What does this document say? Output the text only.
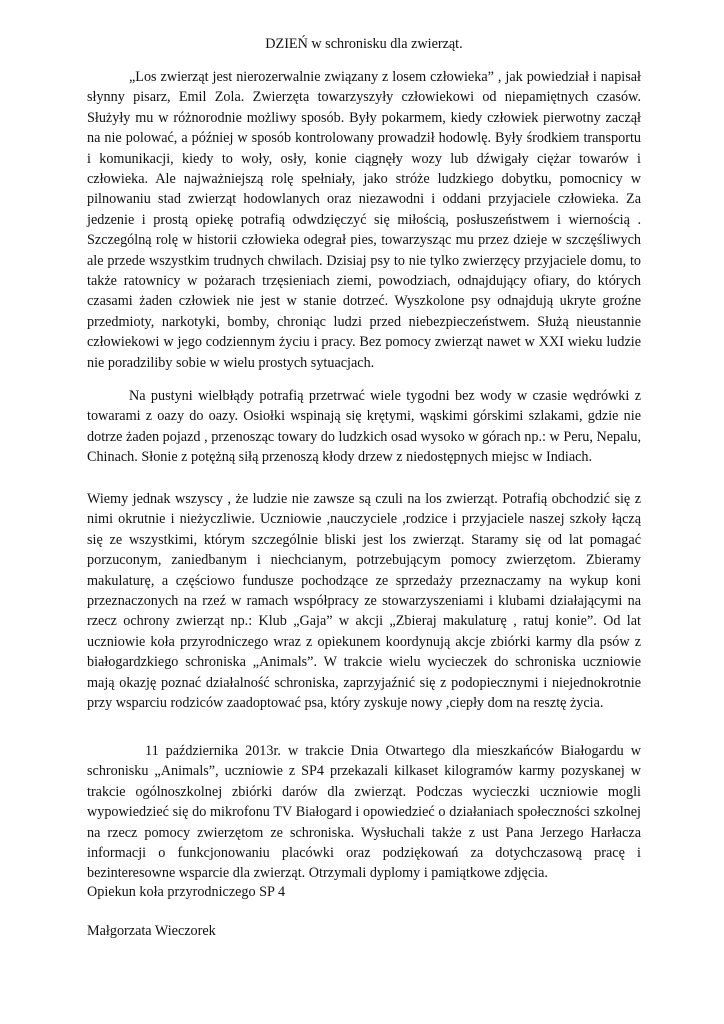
DZIEŃ w schronisku dla zwierząt.

„Los zwierząt jest nierozerwalnie związany z losem człowieka” , jak powiedział i napisał słynny pisarz, Emil Zola. Zwierzęta towarzyszyły człowiekowi od niepamiętnych czasów. Służyły mu w różnorodnie możliwy sposób. Były pokarmem, kiedy człowiek pierwotny zaczął na nie polować, a później w sposób kontrolowany prowadził hodowlę. Były środkiem transportu i komunikacji, kiedy to woły, osły, konie ciągnęły wozy lub dźwigały ciężar towarów i człowieka. Ale najważniejszą rolę spełniały, jako stróże ludzkiego dobytku, pomocnicy w pilnowaniu stad zwierząt hodowlanych oraz niezawodni i oddani przyjaciele człowieka. Za jedzenie i prostą opiekę potrafią odwdzięczyć się miłością, posłuszeństwem i wiernością . Szczególną rolę w historii człowieka odegrał pies, towarzysząc mu przez dzieje w szczęśliwych ale przede wszystkim trudnych chwilach. Dzisiaj psy to nie tylko zwierzęcy przyjaciele domu, to także ratownicy w pożarach trzęsieniach ziemi, powodziach, odnajdujący ofiary, do których czasami żaden człowiek nie jest w stanie dotrzeć. Wyszkolone psy odnajdują ukryte groźne przedmioty, narkotyki, bomby, chroniąc ludzi przed niebezpieczeństwem. Służą nieustannie człowiekowi w jego codziennym życiu i pracy. Bez pomocy zwierząt nawet w XXI wieku ludzie nie poradziliby sobie w wielu prostych sytuacjach.

Na pustyni wielbłądy potrafią przetrwać wiele tygodni bez wody w czasie wędrówki z towarami z oazy do oazy. Osiołki wspinają się krętymi, wąskimi górskimi szlakami, gdzie nie dotrze żaden pojazd , przenosząc towary do ludzkich osad wysoko w górach np.: w Peru, Nepalu, Chinach. Słonie z potężną siłą przenoszą kłody drzew z niedostępnych miejsc w Indiach.

Wiemy jednak wszyscy , że ludzie nie zawsze są czuli na los zwierząt. Potrafią obchodzić się z nimi okrutnie i nieżyczliwie. Uczniowie ,nauczyciele ,rodzice i przyjaciele naszej szkoły łączą się ze wszystkimi, którym szczególnie bliski jest los zwierząt. Staramy się od lat pomagać porzuconym, zaniedbanym i niechcianym, potrzebującym pomocy zwierzętom. Zbieramy makulaturę, a częściowo fundusze pochodzące ze sprzedaży przeznaczamy na wykup koni przeznaczonych na rzeź w ramach współpracy ze stowarzyszeniami i klubami działającymi na rzecz ochrony zwierząt np.: Klub „Gaja” w akcji „Zbieraj makulaturę , ratuj konie”. Od lat uczniowie koła przyrodniczego wraz z opiekunem koordynują akcje zbiórki karmy dla psów z białogardzkiego schroniska „Animals”. W trakcie wielu wycieczek do schroniska uczniowie mają okazję poznać działalność schroniska, zaprzyjaźnić się z podopiecznymi i niejednokrotnie przy wsparciu rodziców zaadoptować psa, który zyskuje nowy ,ciepły dom na resztę życia.

11 października 2013r. w trakcie Dnia Otwartego dla mieszkańców Białogardu w schronisku „Animals”, uczniowie z SP4 przekazali kilkaset kilogramów karmy pozyskanej w trakcie ogólnoszkolnej zbiórki darów dla zwierząt. Podczas wycieczki uczniowie mogli wypowiedzieć się do mikrofonu TV Białogard i opowiedzieć o działaniach społeczności szkolnej na rzecz pomocy zwierzętom ze schroniska. Wysłuchali także z ust Pana Jerzego Harłacza informacji o funkcjonowaniu placówki oraz podziękowań za dotychczasową pracę i bezinteresowne wsparcie dla zwierząt. Otrzymali dyplomy i pamiątkowe zdjęcia.

Opiekun koła przyrodniczego SP 4

Małgorzata Wieczorek
